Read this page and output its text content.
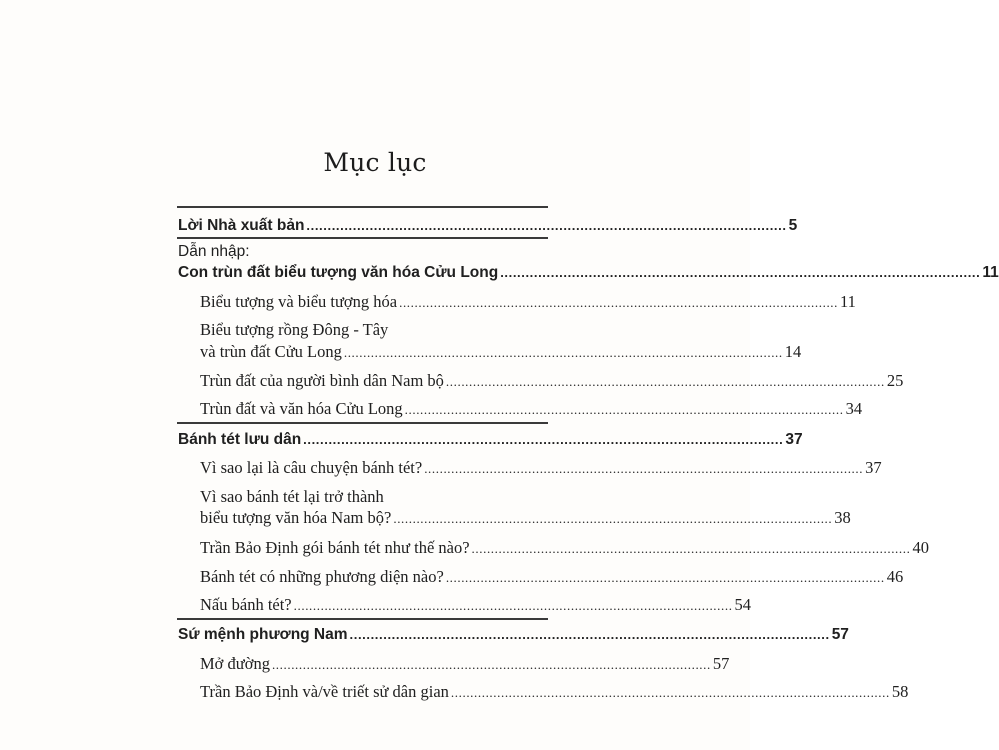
Mục lục
Lời Nhà xuất bản .................................................................................................................. 5
Dẫn nhập:
Con trùn đất biểu tượng văn hóa Cửu Long .................................................................................................................. 11
Biểu tượng và biểu tượng hóa .................................................................................................................. 11
Biểu tượng rồng Đông - Tây
và trùn đất Cửu Long .................................................................................................................. 14
Trùn đất của người bình dân Nam bộ .................................................................................................................. 25
Trùn đất và văn hóa Cửu Long .................................................................................................................. 34
Bánh tét lưu dân .................................................................................................................. 37
Vì sao lại là câu chuyện bánh tét? .................................................................................................................. 37
Vì sao bánh tét lại trở thành
biểu tượng văn hóa Nam bộ? .................................................................................................................. 38
Trần Bảo Định gói bánh tét như thế nào? .................................................................................................................. 40
Bánh tét có những phương diện nào? .................................................................................................................. 46
Nấu bánh tét? .................................................................................................................. 54
Sứ mệnh phương Nam .................................................................................................................. 57
Mở đường .................................................................................................................. 57
Trần Bảo Định và/về triết sử dân gian .................................................................................................................. 58
